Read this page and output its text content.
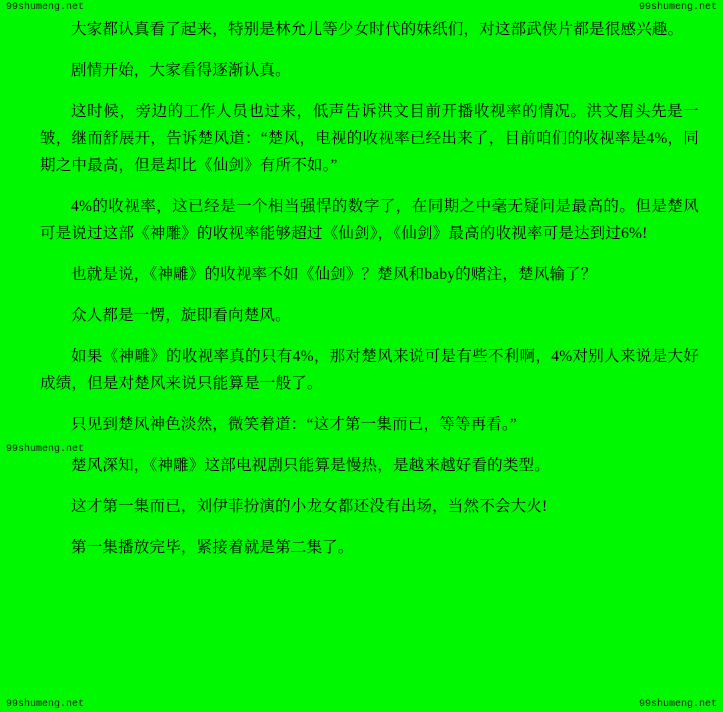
99shumeng.net	99shumeng.net
99shumeng.net
99shumeng.net	99shumeng.net

大家都认真看了起来，特别是林允儿等少女时代的妹纸们，对这部武侠片都是很感兴趣。

剧情开始，大家看得逐渐认真。

这时候，旁边的工作人员也过来，低声告诉洪文目前开播收视率的情况。洪文眉头先是一皱，继而舒展开，告诉楚风道：“楚风，电视的收视率已经出来了，目前咱们的收视率是4%，同期之中最高，但是却比《仙剑》有所不如。”

4%的收视率，这已经是一个相当强悍的数字了，在同期之中毫无疑问是最高的。但是楚风可是说过这部《神雕》的收视率能够超过《仙剑》，《仙剑》最高的收视率可是达到过6%!

也就是说，《神雕》的收视率不如《仙剑》？楚风和baby的赌注，楚风输了？

众人都是一愣，旋即看向楚风。

如果《神雕》的收视率真的只有4%，那对楚风来说可是有些不利啊，4%对别人来说是大好成绩，但是对楚风来说只能算是一般了。

只见到楚风神色淡然，微笑着道：“这才第一集而已，等等再看。”

楚风深知，《神雕》这部电视剧只能算是慢热，是越来越好看的类型。

这才第一集而已，刘伊菲扮演的小龙女都还没有出场，当然不会大火!

第一集播放完毕，紧接着就是第二集了。
